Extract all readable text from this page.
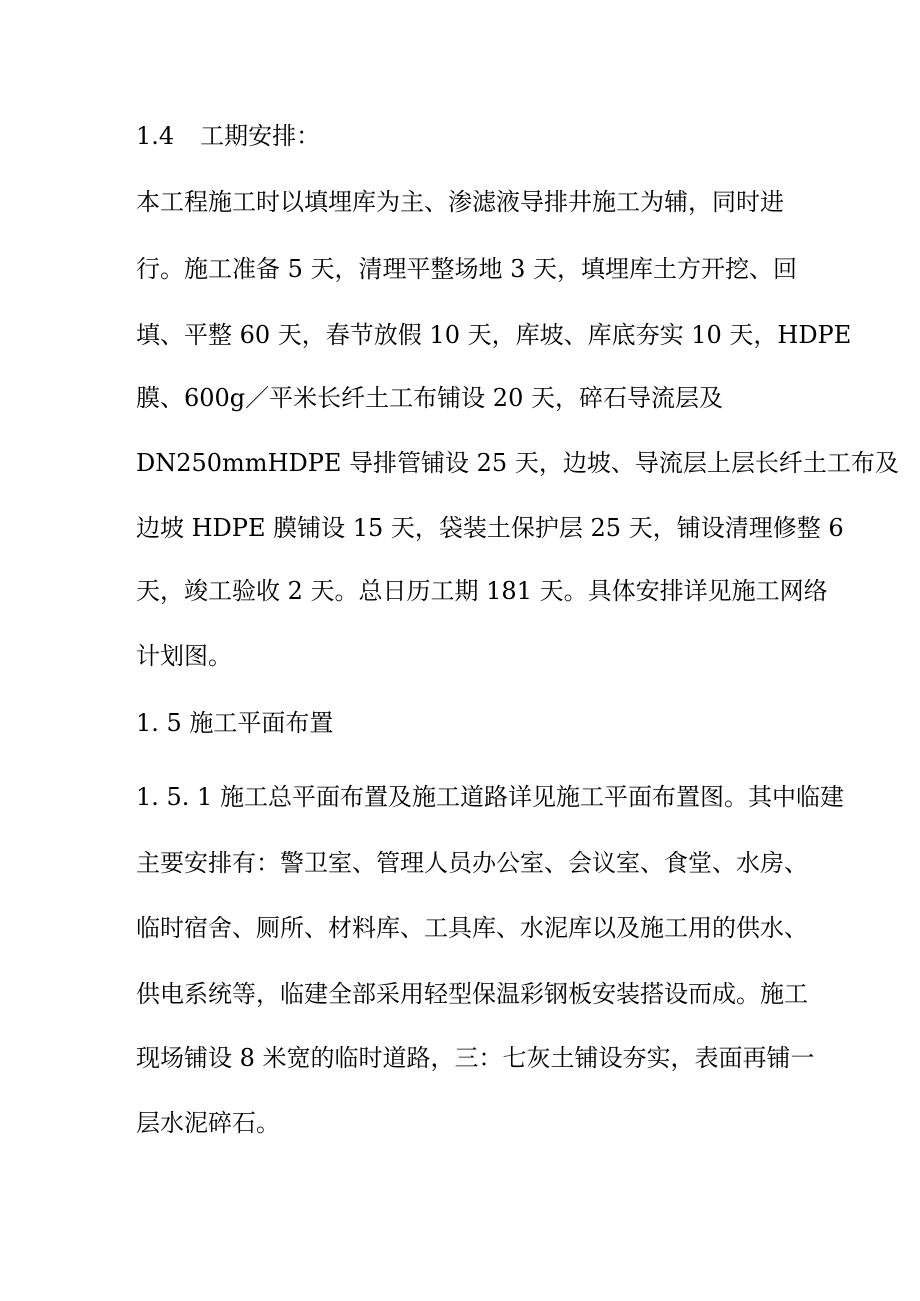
1.4 工期安排：
本工程施工时以填埋库为主、渗滤液导排井施工为辅，同时进
行。施工准备 5 天，清理平整场地 3 天，填埋库土方开挖、回
填、平整 60 天，春节放假 10 天，库坡、库底夯实 10 天，HDPE
膜、600g／平米长纤土工布铺设 20 天，碎石导流层及
DN250mmHDPE 导排管铺设 25 天，边坡、导流层上层长纤土工布及
边坡 HDPE 膜铺设 15 天，袋装土保护层 25 天，铺设清理修整 6
天，竣工验收 2 天。总日历工期 181 天。具体安排详见施工网络
计划图。
1. 5 施工平面布置
1. 5. 1 施工总平面布置及施工道路详见施工平面布置图。其中临建
主要安排有：警卫室、管理人员办公室、会议室、食堂、水房、
临时宿舍、厕所、材料库、工具库、水泥库以及施工用的供水、
供电系统等，临建全部采用轻型保温彩钢板安装搭设而成。施工
现场铺设 8 米宽的临时道路，三：七灰土铺设夯实，表面再铺一
层水泥碎石。
